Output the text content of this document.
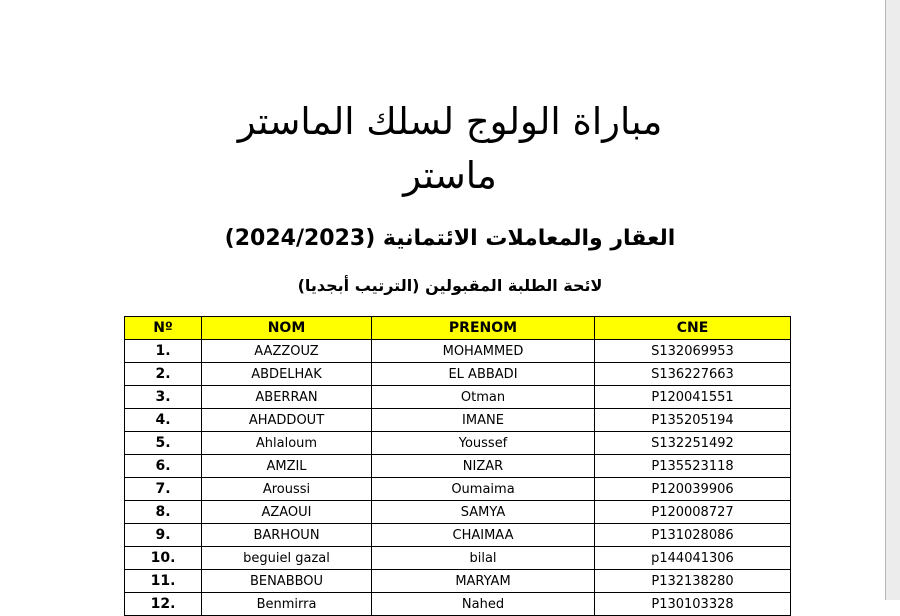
مباراة الولوج لسلك الماستر
ماستر
العقار والمعاملات الائتمانية (2024/2023)
لائحة الطلبة المقبولين (الترتيب أبجديا)
Nº	NOM	PRENOM	CNE
1.	AAZZOUZ	MOHAMMED	S132069953
2.	ABDELHAK	EL ABBADI	S136227663
3.	ABERRAN	Otman	P120041551
4.	AHADDOUT	IMANE	P135205194
5.	Ahlaloum	Youssef	S132251492
6.	AMZIL	NIZAR	P135523118
7.	Aroussi	Oumaima	P120039906
8.	AZAOUI	SAMYA	P120008727
9.	BARHOUN	CHAIMAA	P131028086
10.	beguiel gazal	bilal	p144041306
11.	BENABBOU	MARYAM	P132138280
12.	Benmirra	Nahed	P130103328
